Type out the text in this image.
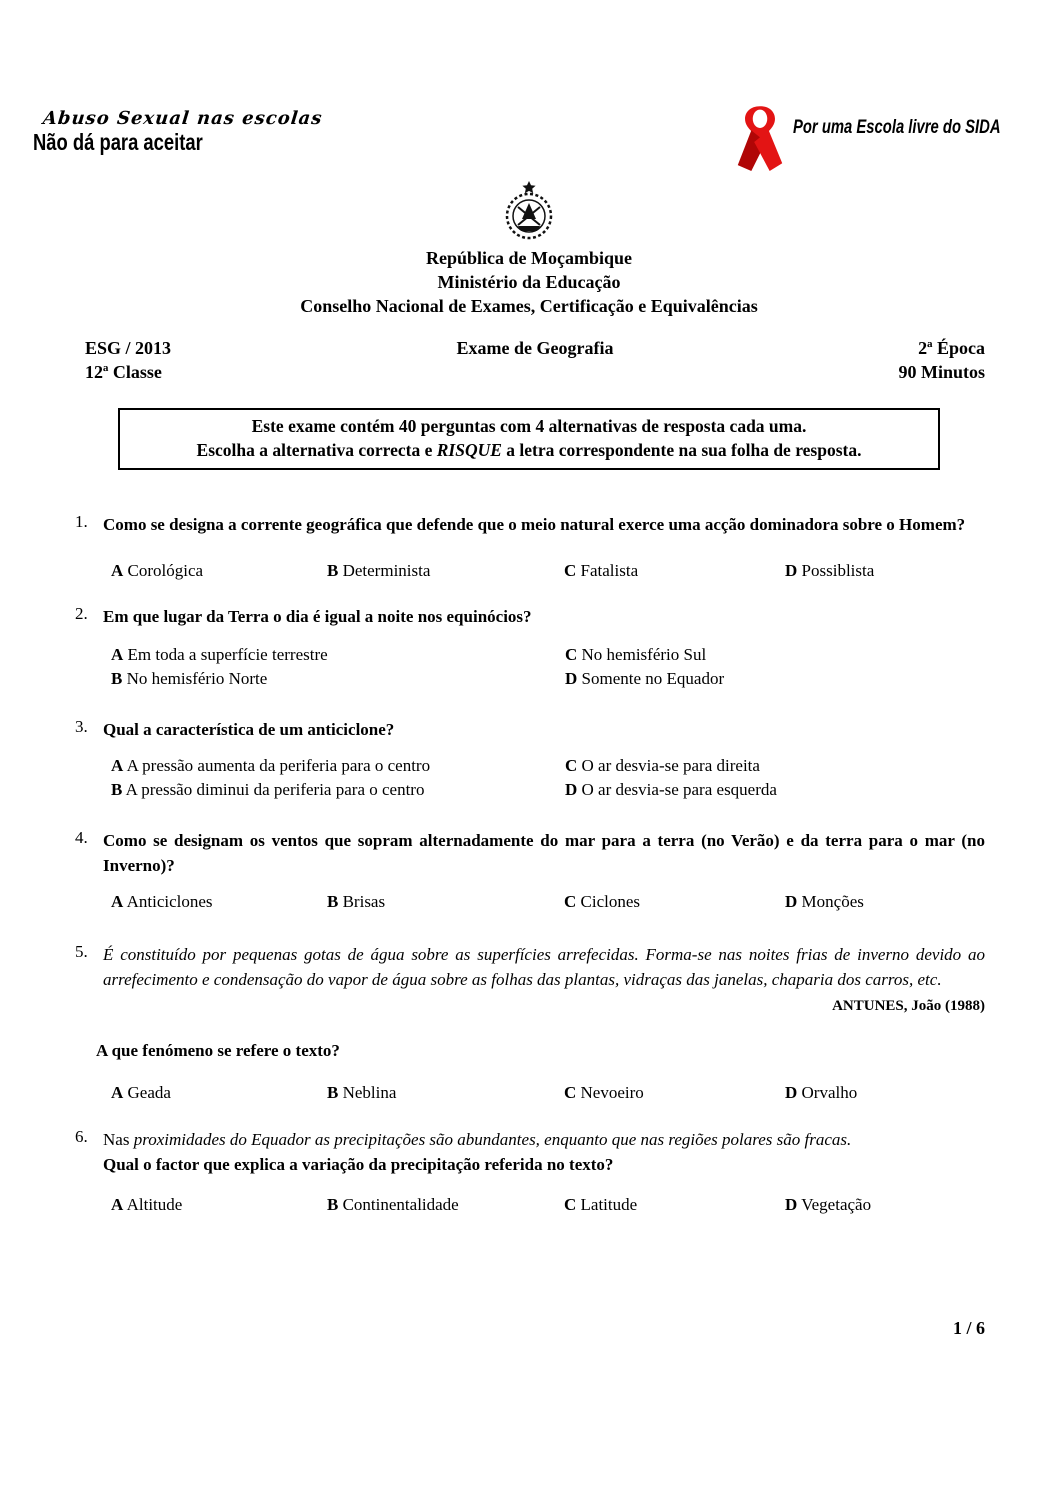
Abuso Sexual nas escolas
Não dá para aceitar
Por uma Escola livre do SIDA
República de Moçambique
Ministério da Educação
Conselho Nacional de Exames, Certificação e Equivalências
ESG / 2013
12ª Classe
Exame de Geografia	2ª Época
90 Minutos
Este exame contém 40 perguntas com 4 alternativas de resposta cada uma.
Escolha a alternativa correcta e RISQUE a letra correspondente na sua folha de resposta.
1. Como se designa a corrente geográfica que defende que o meio natural exerce uma acção dominadora sobre o Homem?
A Corológica	B Determinista	C Fatalista	D Possiblista
2. Em que lugar da Terra o dia é igual a noite nos equinócios?
A Em toda a superfície terrestre	C No hemisfério Sul
B No hemisfério Norte	D Somente no Equador
3. Qual a característica de um anticiclone?
A A pressão aumenta da periferia para o centro	C O ar desvia-se para direita
B A pressão diminui da periferia para o centro	D O ar desvia-se para esquerda
4. Como se designam os ventos que sopram alternadamente do mar para a terra (no Verão) e da terra para o mar (no Inverno)?
A Anticiclones	B Brisas	C Ciclones	D Monções
5. É constituído por pequenas gotas de água sobre as superfícies arrefecidas. Forma-se nas noites frias de inverno devido ao arrefecimento e condensação do vapor de água sobre as folhas das plantas, vidraças das janelas, chaparia dos carros, etc.
ANTUNES, João (1988)
A que fenómeno se refere o texto?
A Geada	B Neblina	C Nevoeiro	D Orvalho
6. Nas proximidades do Equador as precipitações são abundantes, enquanto que nas regiões polares são fracas.
Qual o factor que explica a variação da precipitação referida no texto?
A Altitude	B Continentalidade	C Latitude	D Vegetação
1 / 6
